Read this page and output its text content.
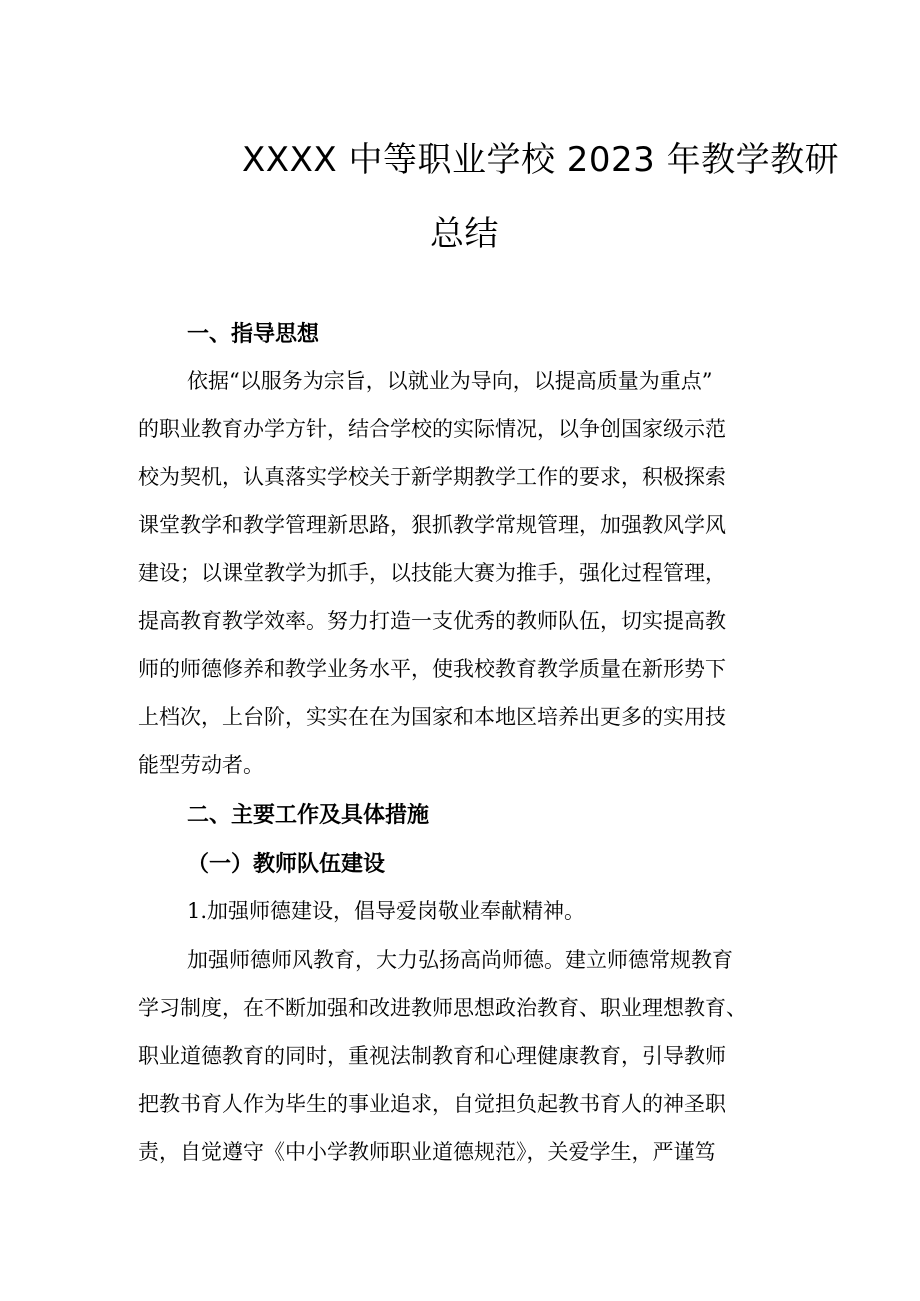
XXXX 中等职业学校 2023 年教学教研
总结
一、指导思想

依据“以服务为宗旨，以就业为导向，以提高质量为重点”

的职业教育办学方针，结合学校的实际情况，以争创国家级示范

校为契机，认真落实学校关于新学期教学工作的要求，积极探索

课堂教学和教学管理新思路，狠抓教学常规管理，加强教风学风

建设；以课堂教学为抓手，以技能大赛为推手，强化过程管理，

提高教育教学效率。努力打造一支优秀的教师队伍，切实提高教

师的师德修养和教学业务水平，使我校教育教学质量在新形势下

上档次，上台阶，实实在在为国家和本地区培养出更多的实用技

能型劳动者。

二、主要工作及具体措施
（一）教师队伍建设

1.加强师德建设，倡导爱岗敬业奉献精神。

加强师德师风教育，大力弘扬高尚师德。建立师德常规教育

学习制度，在不断加强和改进教师思想政治教育、职业理想教育、

职业道德教育的同时，重视法制教育和心理健康教育，引导教师

把教书育人作为毕生的事业追求，自觉担负起教书育人的神圣职

责，自觉遵守《中小学教师职业道德规范》，关爱学生，严谨笃
